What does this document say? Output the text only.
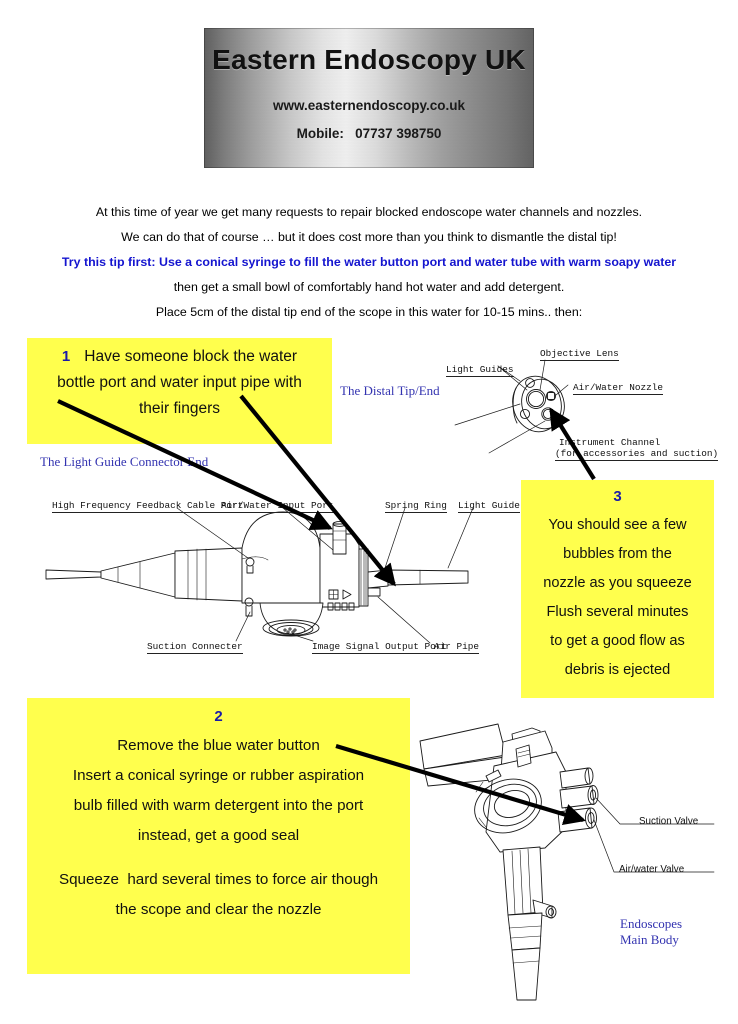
Eastern Endoscopy UK
www.easternendoscopy.co.uk
Mobile:   07737 398750

At this time of year we get many requests to repair blocked endoscope water channels and nozzles.

We can do that of course … but it does cost more than you think to dismantle the distal tip!

Try this tip first: Use a conical syringe to fill the water button port and water tube with warm soapy water

then get a small bowl of comfortably hand hot water and add detergent.

Place 5cm of the distal tip end of the scope in this water for 10-15 mins.. then:

Light Guides
Objective Lens
Air/Water Nozzle
Instrument Channel
(for accessories and suction)
High Frequency Feedback Cable Port
Air/Water Input Port	Spring Ring Light Guide
Suction Connecter	Image Signal Output Port
Air Pipe
Suction Valve
Air/water Valve
The Distal Tip/End
The Light Guide Connector End
Endoscopes
Main Body
1 Have someone block the water
bottle port and water input pipe with
their fingers
3
You should see a few
bubbles from the
nozzle as you squeeze
Flush several minutes
to get a good flow as
debris is ejected
2
Remove the blue water button
Insert a conical syringe or rubber aspiration
bulb filled with warm detergent into the port
instead, get a good seal
Squeeze  hard several times to force air though
the scope and clear the nozzle
